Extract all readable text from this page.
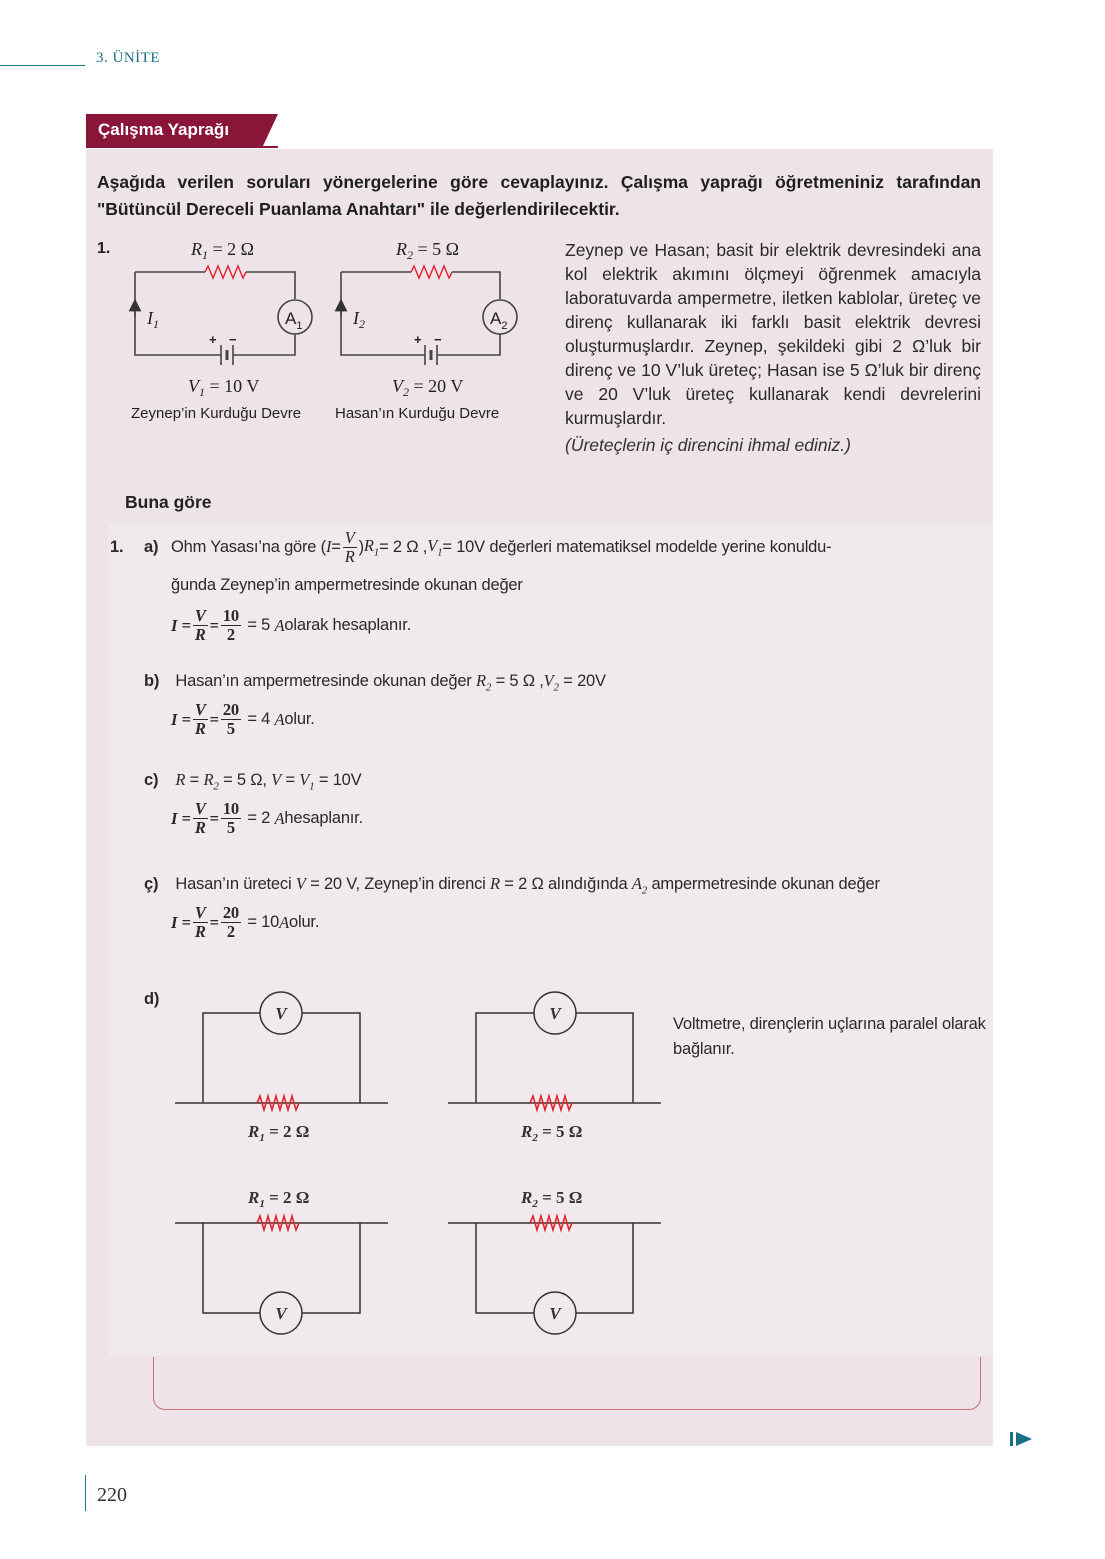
3. ÜNİTE
Çalışma Yaprağı
Aşağıda verilen soruları yönergelerine göre cevaplayınız. Çalışma yaprağı öğretmeniniz tarafından "Bütüncül Dereceli Puanlama Anahtarı" ile değerlendirilecektir.
1.	$R_1 = 2$ Ω
$I_1$	$A_1$
+ −
$V_1 = 10$ V
$R_2 = 5$ Ω
$I_2$	$A_2$
+ −
$V_2 = 20$ V
Zeynep’in Kurduğu Devre Hasan’ın Kurduğu Devre
Zeynep ve Hasan; basit bir elektrik devresindeki ana kol elektrik akımını ölçmeyi öğrenmek amacıyla laboratuvarda ampermetre, iletken kablolar, üreteç ve direnç kullanarak iki farklı basit elektrik devresi oluşturmuşlardır. Zeynep, şekildeki gibi 2 Ω’luk bir direnç ve 10 V’luk üreteç; Hasan ise 5 Ω’luk bir direnç ve 20 V’luk üreteç kullanarak kendi devrelerini kurmuşlardır.
(Üreteçlerin iç direncini ihmal ediniz.)
Buna göre
1. a) Ohm Yasası’na göre ( $I = \frac{V}{R}$ ) $R_1 = 2$ Ω , $V_1 = 10V$ değerleri matematiksel modelde yerine konuldu-
ğunda Zeynep’in ampermetresinde okunan değer
I
= $\frac{V}{R} = \frac{10}{2}$
= 5
A olarak hesaplanır.
b) Hasan’ın ampermetresinde okunan değer $R_2 = 5$ Ω $,V_2 = 20V$
I
= $\frac{V}{R} = \frac{20}{5}$
= 4
A olur.
c) $R = R_2 = 5$ Ω, $V = V_1 = 10V$
I
= $\frac{V}{R} = \frac{10}{5}$
= 2
A hesaplanır.
ç) Hasan’ın üreteci V = 20 V, Zeynep’in direnci R = 2 Ω alındığında $A_2$ ampermetresinde okunan değer
I
= $\frac{V}{R} = \frac{20}{2}$
= 10 A olur.
d)
Voltmetre, dirençlerin uçlarına paralel olarak bağlanır.
V	V
V	V
$R_1 = 2$ Ω	$R_2 = 5$ Ω
$R_1 = 2$ Ω	$R_2 = 5$ Ω
220
